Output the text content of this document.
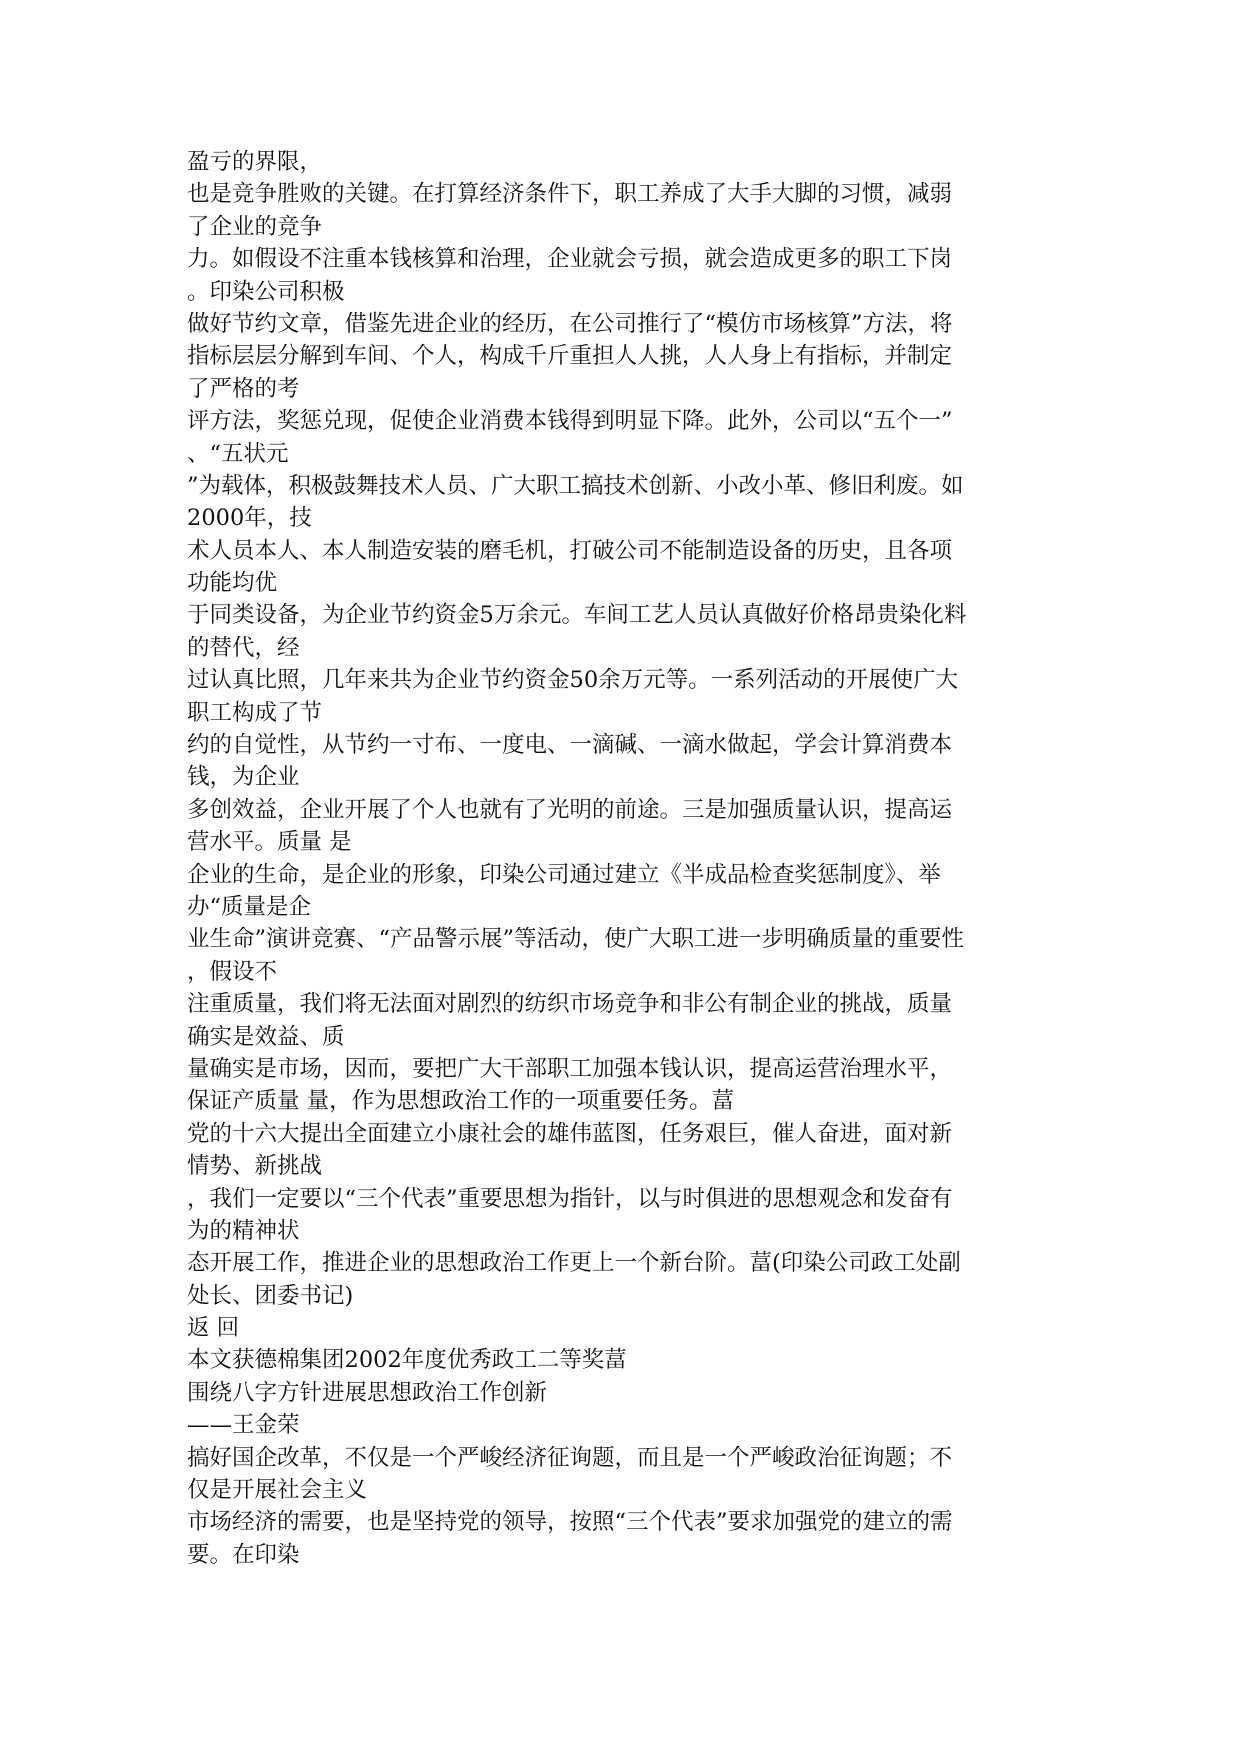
盈亏的界限，
也是竞争胜败的关键。在打算经济条件下，职工养成了大手大脚的习惯，减弱
了企业的竞争
力。如假设不注重本钱核算和治理，企业就会亏损，就会造成更多的职工下岗
。印染公司积极
做好节约文章，借鉴先进企业的经历，在公司推行了“模仿市场核算”方法，将
指标层层分解到车间、个人，构成千斤重担人人挑，人人身上有指标，并制定
了严格的考
评方法，奖惩兑现，促使企业消费本钱得到明显下降。此外，公司以“五个一”
、“五状元
”为载体，积极鼓舞技术人员、广大职工搞技术创新、小改小革、修旧利废。如
2000年，技
术人员本人、本人制造安装的磨毛机，打破公司不能制造设备的历史，且各项
功能均优
于同类设备，为企业节约资金5万余元。车间工艺人员认真做好价格昂贵染化料
的替代，经
过认真比照，几年来共为企业节约资金50余万元等。一系列活动的开展使广大
职工构成了节
约的自觉性，从节约一寸布、一度电、一滴碱、一滴水做起，学会计算消费本
钱，为企业
多创效益，企业开展了个人也就有了光明的前途。三是加强质量认识，提高运
营水平。质量 是
企业的生命，是企业的形象，印染公司通过建立《半成品检查奖惩制度》、举
办“质量是企
业生命”演讲竞赛、“产品警示展”等活动，使广大职工进一步明确质量的重要性
，假设不
注重质量，我们将无法面对剧烈的纺织市场竞争和非公有制企业的挑战，质量
确实是效益、质
量确实是市场，因而，要把广大干部职工加强本钱认识，提高运营治理水平，
保证产质量 量，作为思想政治工作的一项重要任务。葍
党的十六大提出全面建立小康社会的雄伟蓝图，任务艰巨，催人奋进，面对新
情势、新挑战
，我们一定要以“三个代表”重要思想为指针，以与时俱进的思想观念和发奋有
为的精神状
态开展工作，推进企业的思想政治工作更上一个新台阶。葍(印染公司政工处副
处长、团委书记)
返 回
本文获德棉集团2002年度优秀政工二等奖葍
围绕八字方针进展思想政治工作创新
——王金荣
搞好国企改革，不仅是一个严峻经济征询题，而且是一个严峻政治征询题；不
仅是开展社会主义
市场经济的需要，也是坚持党的领导，按照“三个代表”要求加强党的建立的需
要。在印染
